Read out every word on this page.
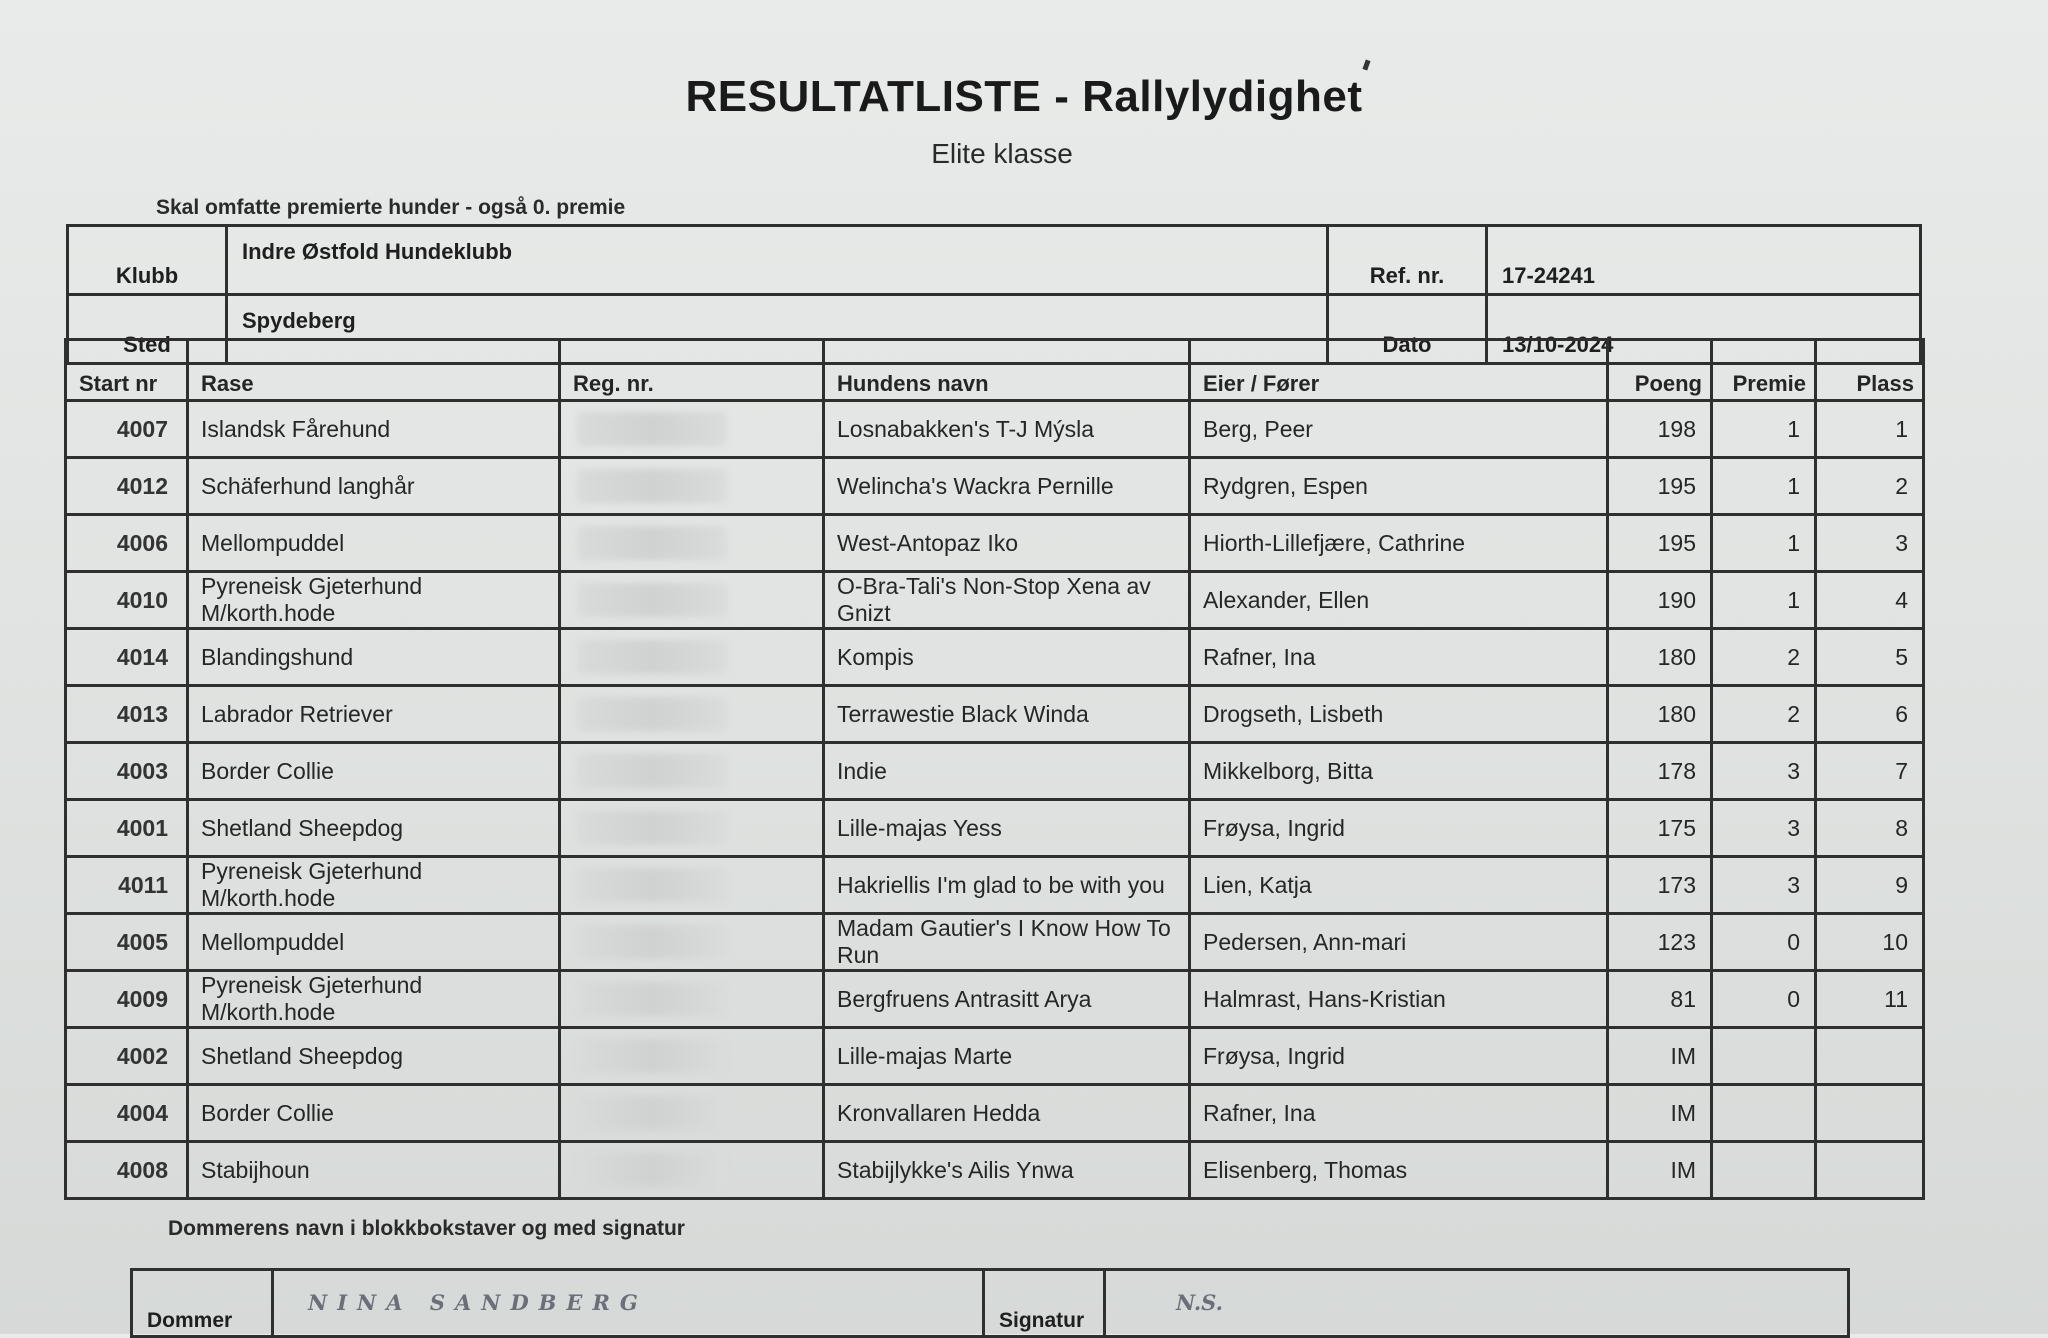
RESULTATLISTE - Rallylydighet
Elite klasse
Skal omfatte premierte hunder - også 0. premie
Klubb	Indre Østfold Hundeklubb	Ref. nr.	17-24241
Sted	Spydeberg	Dato	13/10-2024
Start nr	Rase	Reg. nr.	Hundens navn	Eier / Fører	Poeng	Premie	Plass
4007	Islandsk Fårehund		Losnabakken's T-J Mýsla	Berg, Peer	198	1	1
4012	Schäferhund langhår		Welincha's Wackra Pernille	Rydgren, Espen	195	1	2
4006	Mellompuddel		West-Antopaz Iko	Hiorth-Lillefjære, Cathrine	195	1	3
4010	Pyreneisk Gjeterhund M/korth.hode		O-Bra-Tali's Non-Stop Xena av Gnizt	Alexander, Ellen	190	1	4
4014	Blandingshund		Kompis	Rafner, Ina	180	2	5
4013	Labrador Retriever		Terrawestie Black Winda	Drogseth, Lisbeth	180	2	6
4003	Border Collie		Indie	Mikkelborg, Bitta	178	3	7
4001	Shetland Sheepdog		Lille-majas Yess	Frøysa, Ingrid	175	3	8
4011	Pyreneisk Gjeterhund M/korth.hode		Hakriellis I'm glad to be with you	Lien, Katja	173	3	9
4005	Mellompuddel		Madam Gautier's I Know How To Run	Pedersen, Ann-mari	123	0	10
4009	Pyreneisk Gjeterhund M/korth.hode		Bergfruens Antrasitt Arya	Halmrast, Hans-Kristian	81	0	11
4002	Shetland Sheepdog		Lille-majas Marte	Frøysa, Ingrid	IM		
4004	Border Collie		Kronvallaren Hedda	Rafner, Ina	IM		
4008	Stabijhoun		Stabijlykke's Ailis Ynwa	Elisenberg, Thomas	IM		
Dommerens navn i blokkbokstaver og med signatur
Dommer	NINA SANDBERG	Signatur	N.S.
